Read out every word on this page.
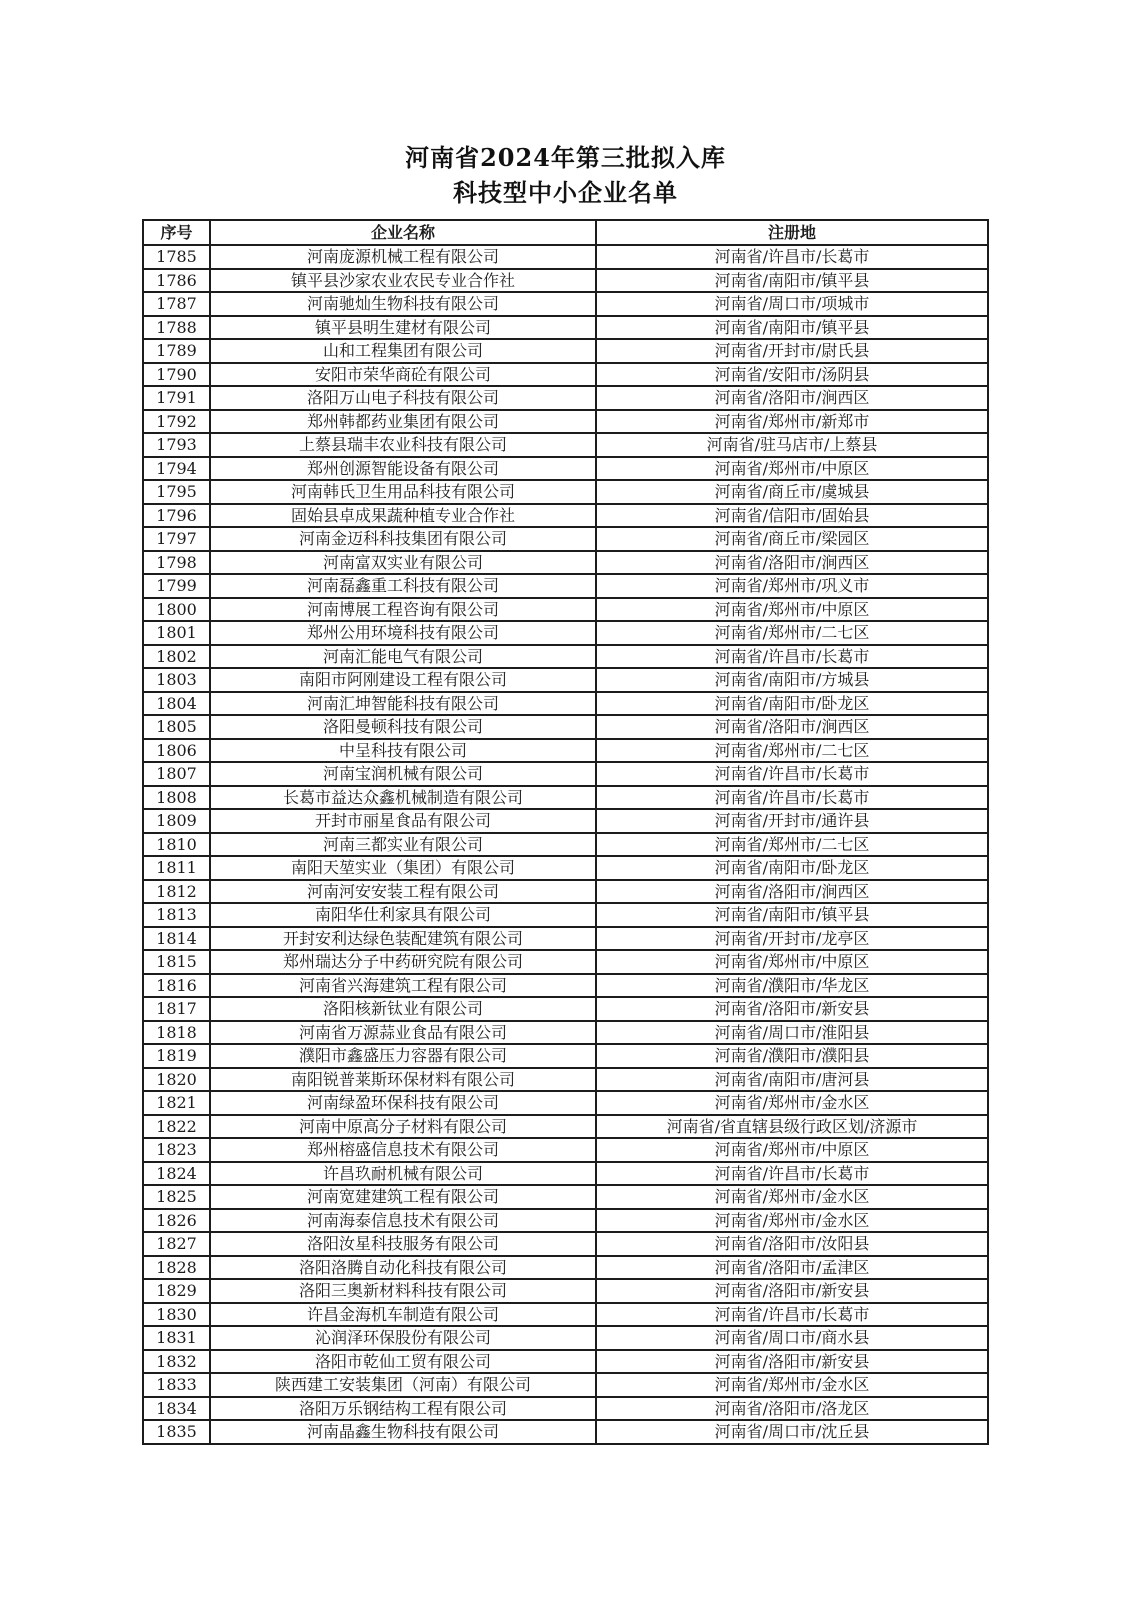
河南省2024年第三批拟入库
科技型中小企业名单
序号	企业名称	注册地
1785	河南庞源机械工程有限公司	河南省/许昌市/长葛市
1786	镇平县沙家农业农民专业合作社	河南省/南阳市/镇平县
1787	河南驰灿生物科技有限公司	河南省/周口市/项城市
1788	镇平县明生建材有限公司	河南省/南阳市/镇平县
1789	山和工程集团有限公司	河南省/开封市/尉氏县
1790	安阳市荣华商砼有限公司	河南省/安阳市/汤阴县
1791	洛阳万山电子科技有限公司	河南省/洛阳市/涧西区
1792	郑州韩都药业集团有限公司	河南省/郑州市/新郑市
1793	上蔡县瑞丰农业科技有限公司	河南省/驻马店市/上蔡县
1794	郑州创源智能设备有限公司	河南省/郑州市/中原区
1795	河南韩氏卫生用品科技有限公司	河南省/商丘市/虞城县
1796	固始县卓成果蔬种植专业合作社	河南省/信阳市/固始县
1797	河南金迈科科技集团有限公司	河南省/商丘市/梁园区
1798	河南富双实业有限公司	河南省/洛阳市/涧西区
1799	河南磊鑫重工科技有限公司	河南省/郑州市/巩义市
1800	河南博展工程咨询有限公司	河南省/郑州市/中原区
1801	郑州公用环境科技有限公司	河南省/郑州市/二七区
1802	河南汇能电气有限公司	河南省/许昌市/长葛市
1803	南阳市阿刚建设工程有限公司	河南省/南阳市/方城县
1804	河南汇坤智能科技有限公司	河南省/南阳市/卧龙区
1805	洛阳曼顿科技有限公司	河南省/洛阳市/涧西区
1806	中呈科技有限公司	河南省/郑州市/二七区
1807	河南宝润机械有限公司	河南省/许昌市/长葛市
1808	长葛市益达众鑫机械制造有限公司	河南省/许昌市/长葛市
1809	开封市丽星食品有限公司	河南省/开封市/通许县
1810	河南三都实业有限公司	河南省/郑州市/二七区
1811	南阳天堃实业（集团）有限公司	河南省/南阳市/卧龙区
1812	河南河安安装工程有限公司	河南省/洛阳市/涧西区
1813	南阳华仕利家具有限公司	河南省/南阳市/镇平县
1814	开封安利达绿色装配建筑有限公司	河南省/开封市/龙亭区
1815	郑州瑞达分子中药研究院有限公司	河南省/郑州市/中原区
1816	河南省兴海建筑工程有限公司	河南省/濮阳市/华龙区
1817	洛阳核新钛业有限公司	河南省/洛阳市/新安县
1818	河南省万源蒜业食品有限公司	河南省/周口市/淮阳县
1819	濮阳市鑫盛压力容器有限公司	河南省/濮阳市/濮阳县
1820	南阳锐普莱斯环保材料有限公司	河南省/南阳市/唐河县
1821	河南绿盈环保科技有限公司	河南省/郑州市/金水区
1822	河南中原高分子材料有限公司	河南省/省直辖县级行政区划/济源市
1823	郑州榕盛信息技术有限公司	河南省/郑州市/中原区
1824	许昌玖耐机械有限公司	河南省/许昌市/长葛市
1825	河南宽建建筑工程有限公司	河南省/郑州市/金水区
1826	河南海泰信息技术有限公司	河南省/郑州市/金水区
1827	洛阳汝星科技服务有限公司	河南省/洛阳市/汝阳县
1828	洛阳洛腾自动化科技有限公司	河南省/洛阳市/孟津区
1829	洛阳三奥新材料科技有限公司	河南省/洛阳市/新安县
1830	许昌金海机车制造有限公司	河南省/许昌市/长葛市
1831	沁润泽环保股份有限公司	河南省/周口市/商水县
1832	洛阳市乾仙工贸有限公司	河南省/洛阳市/新安县
1833	陕西建工安装集团（河南）有限公司	河南省/郑州市/金水区
1834	洛阳万乐钢结构工程有限公司	河南省/洛阳市/洛龙区
1835	河南晶鑫生物科技有限公司	河南省/周口市/沈丘县
